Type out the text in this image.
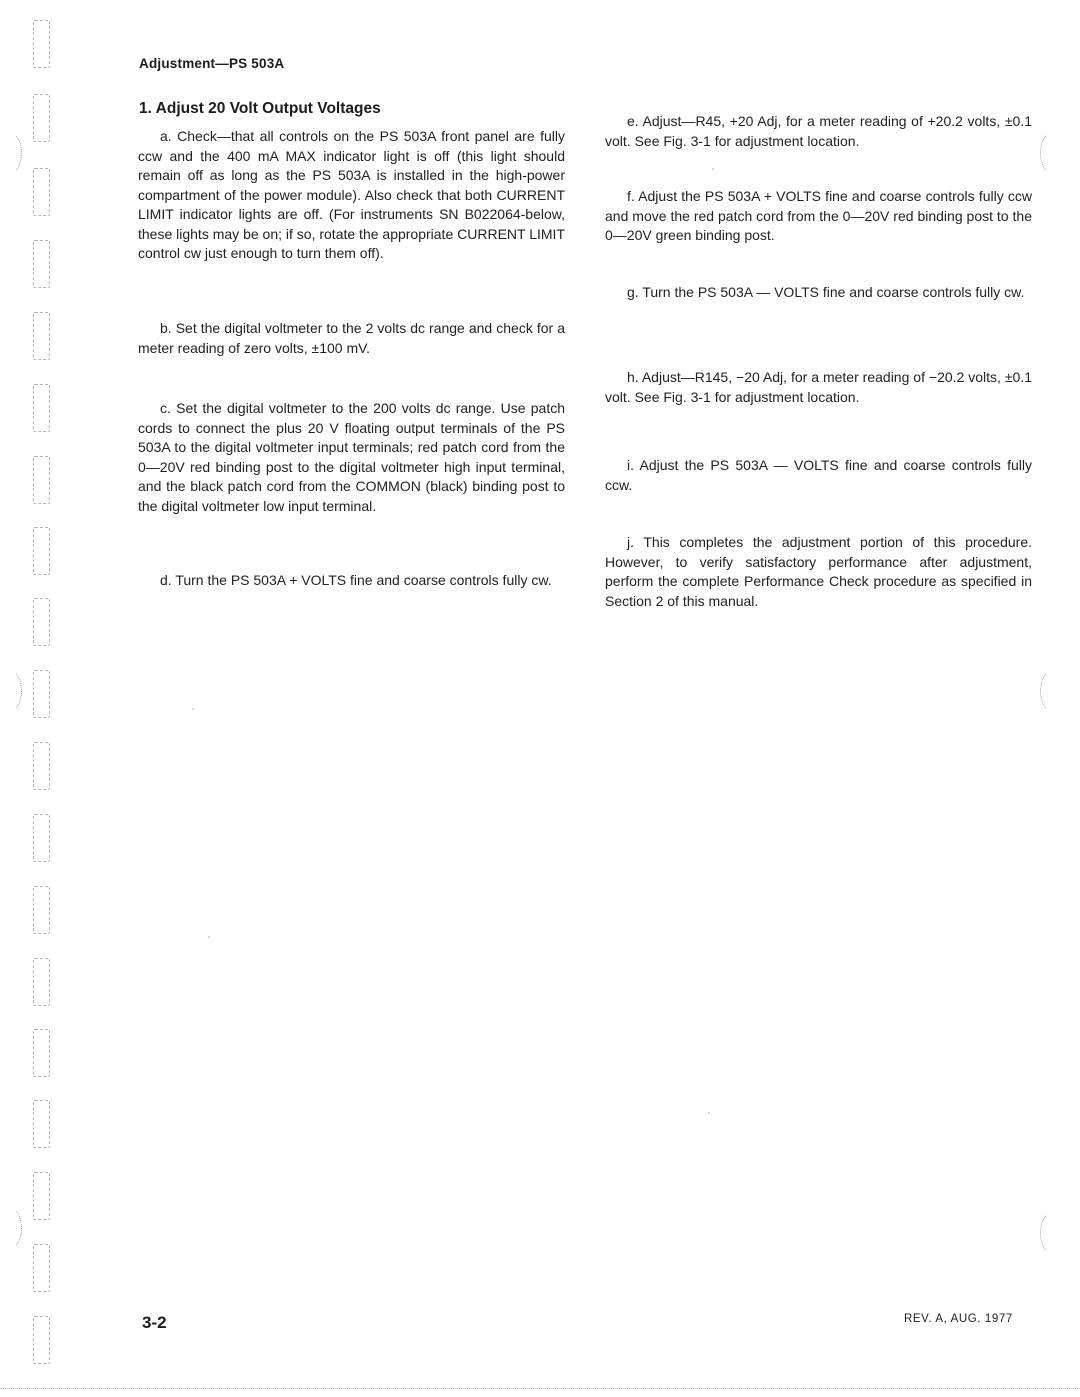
Adjustment—PS 503A
1. Adjust 20 Volt Output Voltages

a. Check—that all controls on the PS 503A front panel are fully ccw and the 400 mA MAX indicator light is off (this light should remain off as long as the PS 503A is installed in the high-power compartment of the power module). Also check that both CURRENT LIMIT indicator lights are off. (For instruments SN B022064-below, these lights may be on; if so, rotate the appropriate CURRENT LIMIT control cw just enough to turn them off).

b. Set the digital voltmeter to the 2 volts dc range and check for a meter reading of zero volts, ±100 mV.

c. Set the digital voltmeter to the 200 volts dc range. Use patch cords to connect the plus 20 V floating output terminals of the PS 503A to the digital voltmeter input terminals; red patch cord from the 0—20V red binding post to the digital voltmeter high input terminal, and the black patch cord from the COMMON (black) binding post to the digital voltmeter low input terminal.

d. Turn the PS 503A + VOLTS fine and coarse controls fully cw.

e. Adjust—R45, +20 Adj, for a meter reading of +20.2 volts, ±0.1 volt. See Fig. 3-1 for adjustment location.

f. Adjust the PS 503A + VOLTS fine and coarse controls fully ccw and move the red patch cord from the 0—20V red binding post to the 0—20V green binding post.

g. Turn the PS 503A — VOLTS fine and coarse controls fully cw.

h. Adjust—R145, −20 Adj, for a meter reading of −20.2 volts, ±0.1 volt. See Fig. 3-1 for adjustment location.

i. Adjust the PS 503A — VOLTS fine and coarse controls fully ccw.

j. This completes the adjustment portion of this procedure. However, to verify satisfactory performance after adjustment, perform the complete Performance Check procedure as specified in Section 2 of this manual.

3-2	REV. A, AUG. 1977
